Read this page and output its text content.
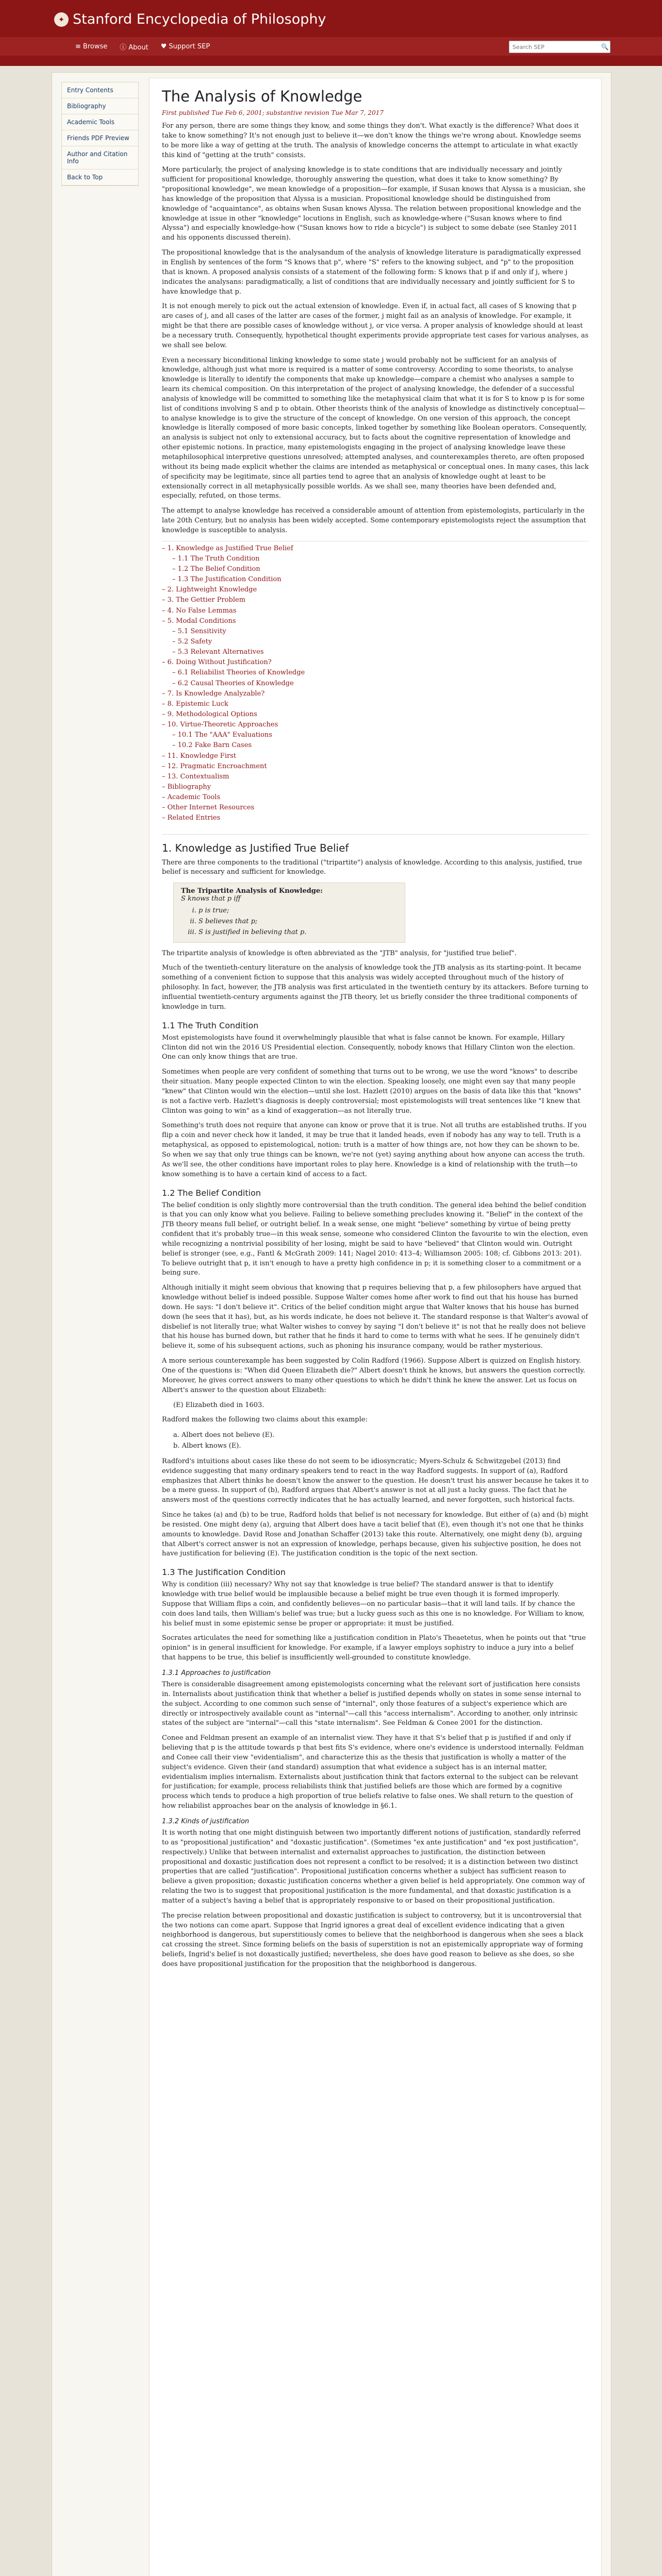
✦ Stanford Encyclopedia of Philosophy
≡ Browse	ⓘ About	♥ Support SEP
Search SEP	🔍
Entry Contents
Bibliography
Academic Tools
Friends PDF Preview
Author and Citation Info
Back to Top
The Analysis of Knowledge
First published Tue Feb 6, 2001; substantive revision Tue Mar 7, 2017

For any person, there are some things they know, and some things they don't. What exactly is the difference? What does it take to know something? It's not enough just to believe it—we don't know the things we're wrong about. Knowledge seems to be more like a way of getting at the truth. The analysis of knowledge concerns the attempt to articulate in what exactly this kind of "getting at the truth" consists.

More particularly, the project of analysing knowledge is to state conditions that are individually necessary and jointly sufficient for propositional knowledge, thoroughly answering the question, what does it take to know something? By "propositional knowledge", we mean knowledge of a proposition—for example, if Susan knows that Alyssa is a musician, she has knowledge of the proposition that Alyssa is a musician. Propositional knowledge should be distinguished from knowledge of "acquaintance", as obtains when Susan knows Alyssa. The relation between propositional knowledge and the knowledge at issue in other "knowledge" locutions in English, such as knowledge-where ("Susan knows where to find Alyssa") and especially knowledge-how ("Susan knows how to ride a bicycle") is subject to some debate (see Stanley 2011 and his opponents discussed therein).

The propositional knowledge that is the analysandum of the analysis of knowledge literature is paradigmatically expressed in English by sentences of the form "S knows that p", where "S" refers to the knowing subject, and "p" to the proposition that is known. A proposed analysis consists of a statement of the following form: S knows that p if and only if j, where j indicates the analysans: paradigmatically, a list of conditions that are individually necessary and jointly sufficient for S to have knowledge that p.

It is not enough merely to pick out the actual extension of knowledge. Even if, in actual fact, all cases of S knowing that p are cases of j, and all cases of the latter are cases of the former, j might fail as an analysis of knowledge. For example, it might be that there are possible cases of knowledge without j, or vice versa. A proper analysis of knowledge should at least be a necessary truth. Consequently, hypothetical thought experiments provide appropriate test cases for various analyses, as we shall see below.

Even a necessary biconditional linking knowledge to some state j would probably not be sufficient for an analysis of knowledge, although just what more is required is a matter of some controversy. According to some theorists, to analyse knowledge is literally to identify the components that make up knowledge—compare a chemist who analyses a sample to learn its chemical composition. On this interpretation of the project of analysing knowledge, the defender of a successful analysis of knowledge will be committed to something like the metaphysical claim that what it is for S to know p is for some list of conditions involving S and p to obtain. Other theorists think of the analysis of knowledge as distinctively conceptual—to analyse knowledge is to give the structure of the concept of knowledge. On one version of this approach, the concept knowledge is literally composed of more basic concepts, linked together by something like Boolean operators. Consequently, an analysis is subject not only to extensional accuracy, but to facts about the cognitive representation of knowledge and other epistemic notions. In practice, many epistemologists engaging in the project of analysing knowledge leave these metaphilosophical interpretive questions unresolved; attempted analyses, and counterexamples thereto, are often proposed without its being made explicit whether the claims are intended as metaphysical or conceptual ones. In many cases, this lack of specificity may be legitimate, since all parties tend to agree that an analysis of knowledge ought at least to be extensionally correct in all metaphysically possible worlds. As we shall see, many theories have been defended and, especially, refuted, on those terms.

The attempt to analyse knowledge has received a considerable amount of attention from epistemologists, particularly in the late 20th Century, but no analysis has been widely accepted. Some contemporary epistemologists reject the assumption that knowledge is susceptible to analysis.

– 1. Knowledge as Justified True Belief
– 1.1 The Truth Condition
– 1.2 The Belief Condition
– 1.3 The Justification Condition
– 2. Lightweight Knowledge
– 3. The Gettier Problem
– 4. No False Lemmas
– 5. Modal Conditions
– 5.1 Sensitivity
– 5.2 Safety
– 5.3 Relevant Alternatives
– 6. Doing Without Justification?
– 6.1 Reliabilist Theories of Knowledge
– 6.2 Causal Theories of Knowledge
– 7. Is Knowledge Analyzable?
– 8. Epistemic Luck
– 9. Methodological Options
– 10. Virtue-Theoretic Approaches
– 10.1 The "AAA" Evaluations
– 10.2 Fake Barn Cases
– 11. Knowledge First
– 12. Pragmatic Encroachment
– 13. Contextualism
– Bibliography
– Academic Tools
– Other Internet Resources
– Related Entries
1. Knowledge as Justified True Belief

There are three components to the traditional ("tripartite") analysis of knowledge. According to this analysis, justified, true belief is necessary and sufficient for knowledge.

The Tripartite Analysis of Knowledge:
S knows that p iff
i. p is true;
ii. S believes that p;
iii. S is justified in believing that p.

The tripartite analysis of knowledge is often abbreviated as the "JTB" analysis, for "justified true belief".

Much of the twentieth-century literature on the analysis of knowledge took the JTB analysis as its starting-point. It became something of a convenient fiction to suppose that this analysis was widely accepted throughout much of the history of philosophy. In fact, however, the JTB analysis was first articulated in the twentieth century by its attackers. Before turning to influential twentieth-century arguments against the JTB theory, let us briefly consider the three traditional components of knowledge in turn.

1.1 The Truth Condition

Most epistemologists have found it overwhelmingly plausible that what is false cannot be known. For example, Hillary Clinton did not win the 2016 US Presidential election. Consequently, nobody knows that Hillary Clinton won the election. One can only know things that are true.

Sometimes when people are very confident of something that turns out to be wrong, we use the word "knows" to describe their situation. Many people expected Clinton to win the election. Speaking loosely, one might even say that many people "knew" that Clinton would win the election—until she lost. Hazlett (2010) argues on the basis of data like this that "knows" is not a factive verb. Hazlett's diagnosis is deeply controversial; most epistemologists will treat sentences like "I knew that Clinton was going to win" as a kind of exaggeration—as not literally true.

Something's truth does not require that anyone can know or prove that it is true. Not all truths are established truths. If you flip a coin and never check how it landed, it may be true that it landed heads, even if nobody has any way to tell. Truth is a metaphysical, as opposed to epistemological, notion: truth is a matter of how things are, not how they can be shown to be. So when we say that only true things can be known, we're not (yet) saying anything about how anyone can access the truth. As we'll see, the other conditions have important roles to play here. Knowledge is a kind of relationship with the truth—to know something is to have a certain kind of access to a fact.

1.2 The Belief Condition

The belief condition is only slightly more controversial than the truth condition. The general idea behind the belief condition is that you can only know what you believe. Failing to believe something precludes knowing it. "Belief" in the context of the JTB theory means full belief, or outright belief. In a weak sense, one might "believe" something by virtue of being pretty confident that it's probably true—in this weak sense, someone who considered Clinton the favourite to win the election, even while recognizing a nontrivial possibility of her losing, might be said to have "believed" that Clinton would win. Outright belief is stronger (see, e.g., Fantl & McGrath 2009: 141; Nagel 2010: 413–4; Williamson 2005: 108; cf. Gibbons 2013: 201). To believe outright that p, it isn't enough to have a pretty high confidence in p; it is something closer to a commitment or a being sure.

Although initially it might seem obvious that knowing that p requires believing that p, a few philosophers have argued that knowledge without belief is indeed possible. Suppose Walter comes home after work to find out that his house has burned down. He says: "I don't believe it". Critics of the belief condition might argue that Walter knows that his house has burned down (he sees that it has), but, as his words indicate, he does not believe it. The standard response is that Walter's avowal of disbelief is not literally true; what Walter wishes to convey by saying "I don't believe it" is not that he really does not believe that his house has burned down, but rather that he finds it hard to come to terms with what he sees. If he genuinely didn't believe it, some of his subsequent actions, such as phoning his insurance company, would be rather mysterious.

A more serious counterexample has been suggested by Colin Radford (1966). Suppose Albert is quizzed on English history. One of the questions is: "When did Queen Elizabeth die?" Albert doesn't think he knows, but answers the question correctly. Moreover, he gives correct answers to many other questions to which he didn't think he knew the answer. Let us focus on Albert's answer to the question about Elizabeth:

(E) Elizabeth died in 1603.

Radford makes the following two claims about this example:

a. Albert does not believe (E).
b. Albert knows (E).

Radford's intuitions about cases like these do not seem to be idiosyncratic; Myers-Schulz & Schwitzgebel (2013) find evidence suggesting that many ordinary speakers tend to react in the way Radford suggests. In support of (a), Radford emphasizes that Albert thinks he doesn't know the answer to the question. He doesn't trust his answer because he takes it to be a mere guess. In support of (b), Radford argues that Albert's answer is not at all just a lucky guess. The fact that he answers most of the questions correctly indicates that he has actually learned, and never forgotten, such historical facts.

Since he takes (a) and (b) to be true, Radford holds that belief is not necessary for knowledge. But either of (a) and (b) might be resisted. One might deny (a), arguing that Albert does have a tacit belief that (E), even though it's not one that he thinks amounts to knowledge. David Rose and Jonathan Schaffer (2013) take this route. Alternatively, one might deny (b), arguing that Albert's correct answer is not an expression of knowledge, perhaps because, given his subjective position, he does not have justification for believing (E). The justification condition is the topic of the next section.

1.3 The Justification Condition

Why is condition (iii) necessary? Why not say that knowledge is true belief? The standard answer is that to identify knowledge with true belief would be implausible because a belief might be true even though it is formed improperly. Suppose that William flips a coin, and confidently believes—on no particular basis—that it will land tails. If by chance the coin does land tails, then William's belief was true; but a lucky guess such as this one is no knowledge. For William to know, his belief must in some epistemic sense be proper or appropriate: it must be justified.

Socrates articulates the need for something like a justification condition in Plato's Theaetetus, when he points out that "true opinion" is in general insufficient for knowledge. For example, if a lawyer employs sophistry to induce a jury into a belief that happens to be true, this belief is insufficiently well-grounded to constitute knowledge.

1.3.1 Approaches to justification

There is considerable disagreement among epistemologists concerning what the relevant sort of justification here consists in. Internalists about justification think that whether a belief is justified depends wholly on states in some sense internal to the subject. According to one common such sense of "internal", only those features of a subject's experience which are directly or introspectively available count as "internal"—call this "access internalism". According to another, only intrinsic states of the subject are "internal"—call this "state internalism". See Feldman & Conee 2001 for the distinction.

Conee and Feldman present an example of an internalist view. They have it that S's belief that p is justified if and only if believing that p is the attitude towards p that best fits S's evidence, where one's evidence is understood internally. Feldman and Conee call their view "evidentialism", and characterize this as the thesis that justification is wholly a matter of the subject's evidence. Given their (and standard) assumption that what evidence a subject has is an internal matter, evidentialism implies internalism. Externalists about justification think that factors external to the subject can be relevant for justification; for example, process reliabilists think that justified beliefs are those which are formed by a cognitive process which tends to produce a high proportion of true beliefs relative to false ones. We shall return to the question of how reliabilist approaches bear on the analysis of knowledge in §6.1.

1.3.2 Kinds of justification

It is worth noting that one might distinguish between two importantly different notions of justification, standardly referred to as "propositional justification" and "doxastic justification". (Sometimes "ex ante justification" and "ex post justification", respectively.) Unlike that between internalist and externalist approaches to justification, the distinction between propositional and doxastic justification does not represent a conflict to be resolved; it is a distinction between two distinct properties that are called "justification". Propositional justification concerns whether a subject has sufficient reason to believe a given proposition; doxastic justification concerns whether a given belief is held appropriately. One common way of relating the two is to suggest that propositional justification is the more fundamental, and that doxastic justification is a matter of a subject's having a belief that is appropriately responsive to or based on their propositional justification.

The precise relation between propositional and doxastic justification is subject to controversy, but it is uncontroversial that the two notions can come apart. Suppose that Ingrid ignores a great deal of excellent evidence indicating that a given neighborhood is dangerous, but superstitiously comes to believe that the neighborhood is dangerous when she sees a black cat crossing the street. Since forming beliefs on the basis of superstition is not an epistemically appropriate way of forming beliefs, Ingrid's belief is not doxastically justified; nevertheless, she does have good reason to believe as she does, so she does have propositional justification for the proposition that the neighborhood is dangerous.
